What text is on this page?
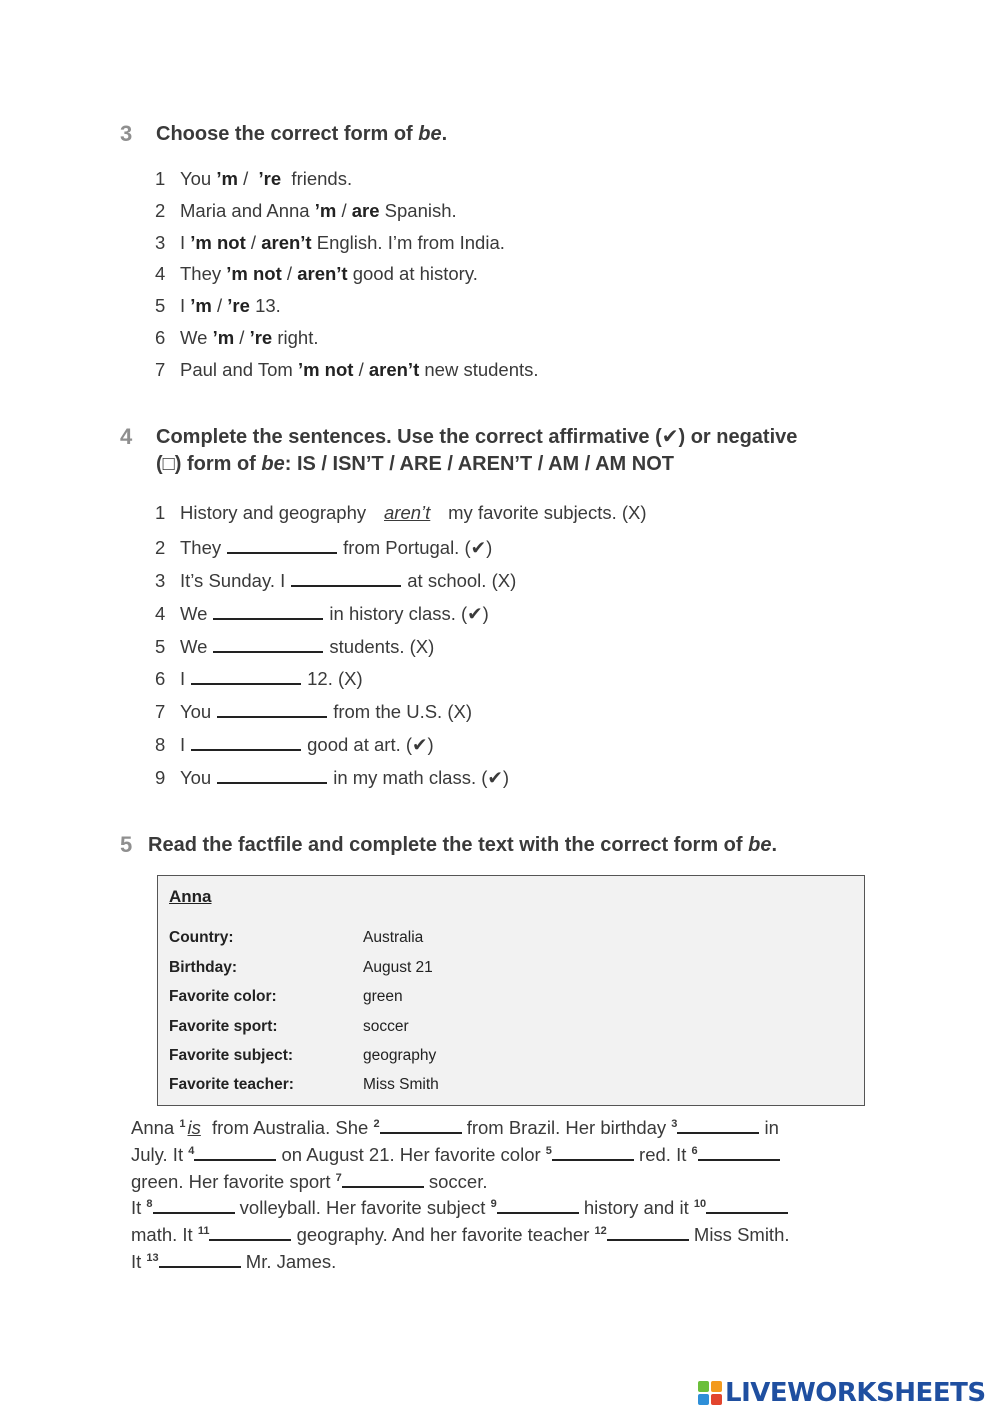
3	Choose the correct form of be.
1 You ’m / ’re friends.
2 Maria and Anna ’m / are Spanish.
3 I ’m not / aren’t English. I’m from India.
4 They ’m not / aren’t good at history.
5 I ’m / ’re 13.
6 We ’m / ’re right.
7 Paul and Tom ’m not / aren’t new students.
4	Complete the sentences. Use the correct affirmative (✔) or negative
(□) form of be: IS / ISN’T / ARE / AREN’T / AM / AM NOT
1 History and geography aren’t my favorite subjects. (X)
2 They	from Portugal. (✔)
3 It’s Sunday. I	at school. (X)
4 We	in history class. (✔)
5 We	students. (X)
6 I	12. (X)
7 You	from the U.S. (X)
8 I	good at art. (✔)
9 You	in my math class. (✔)
5 Read the factfile and complete the text with the correct form of be.
Anna
Country:	Australia
Birthday:	August 21
Favorite color:	green
Favorite sport:	soccer
Favorite subject:	geography
Favorite teacher:	Miss Smith
Anna $^1$ is from Australia. She $^2$	from Brazil. Her birthday $^3$	in
July. It $^4$	on August 21. Her favorite color $^5$	red. It $^6$
green. Her favorite sport $^7$	soccer.
It $^8$	volleyball. Her favorite subject $^9$	history and it $^{10}$
math. It $^{11}$	geography. And her favorite teacher $^{12}$	Miss Smith.
It $^{13}$	Mr. James.
LIVEWORKSHEETS
